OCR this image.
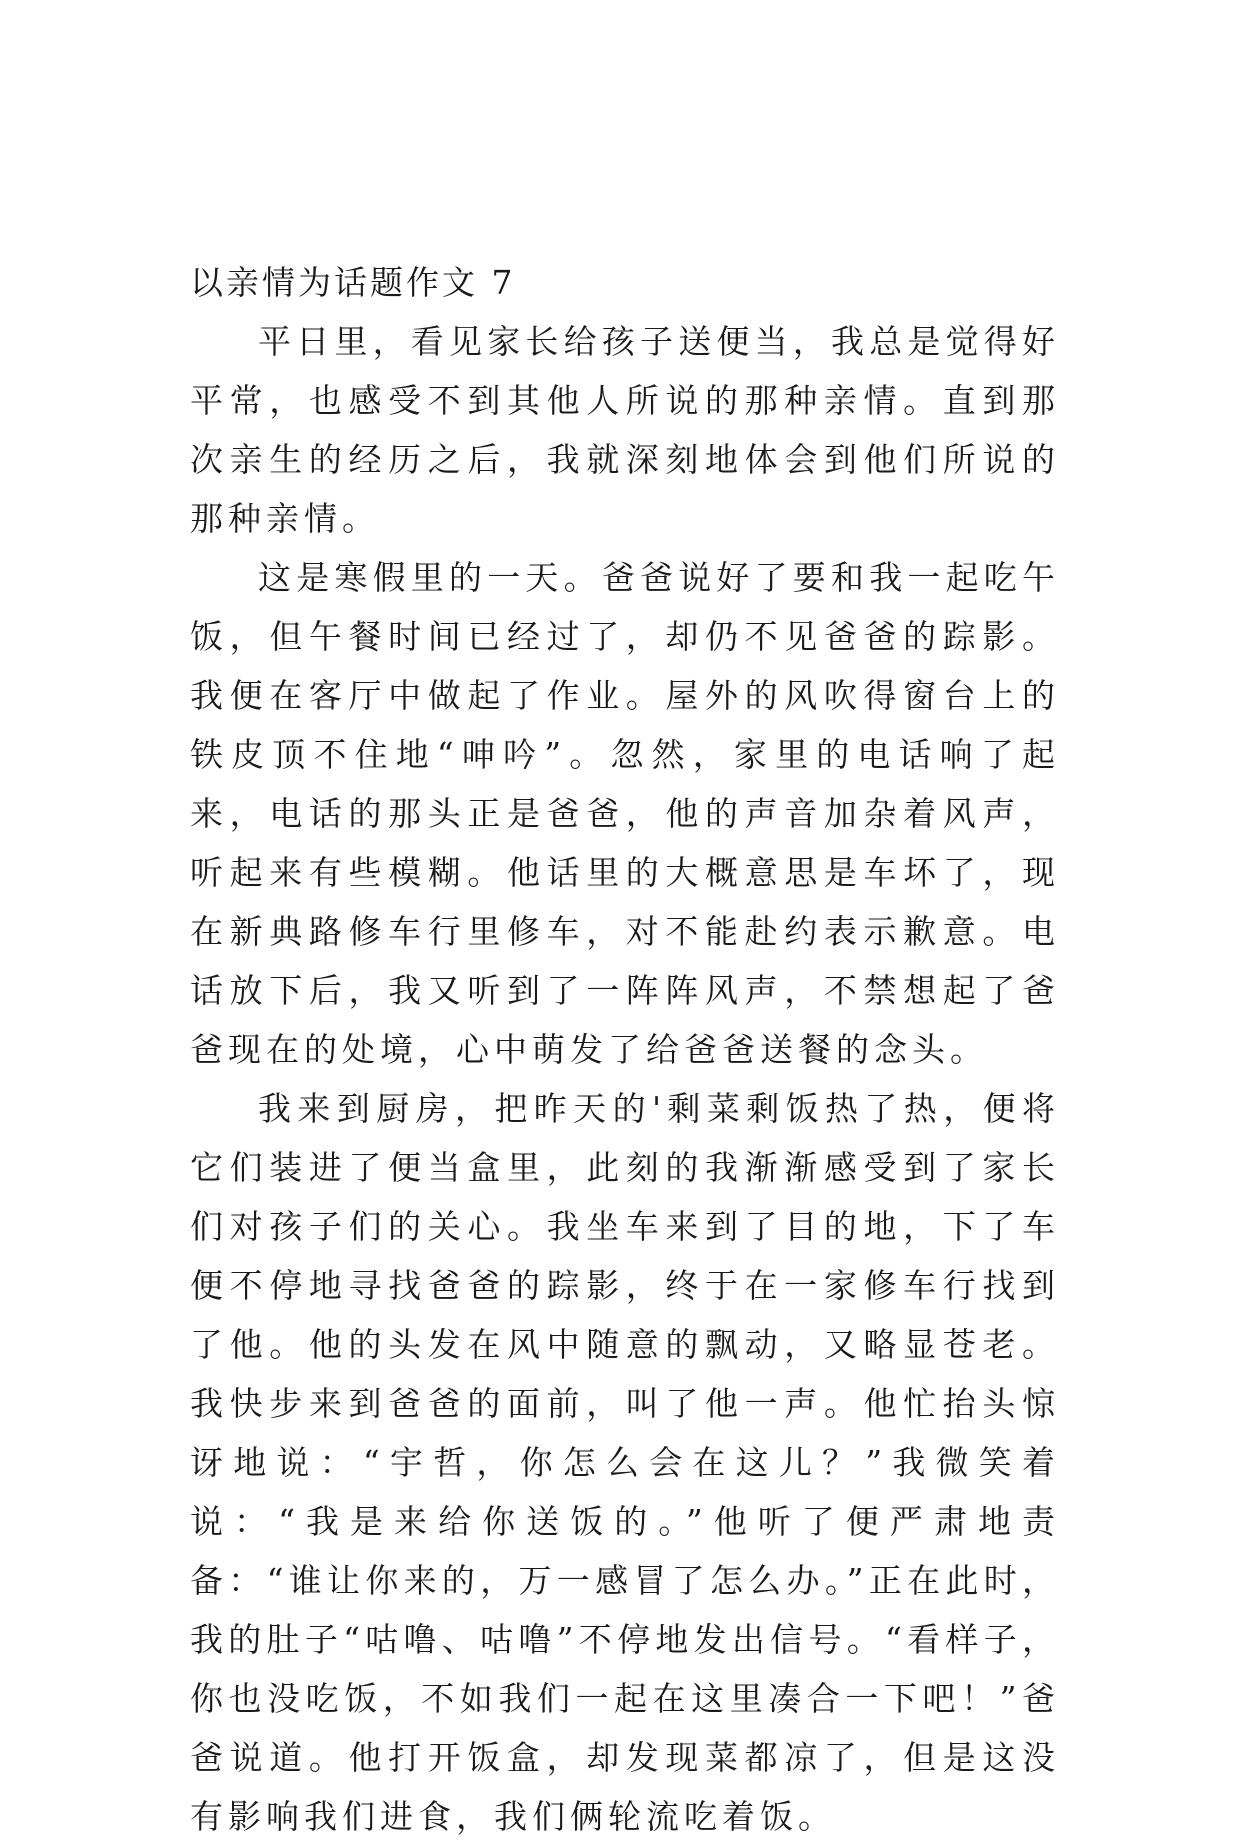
以亲情为话题作文 7

平日里，看见家长给孩子送便当，我总是觉得好平常，也感受不到其他人所说的那种亲情。直到那次亲生的经历之后，我就深刻地体会到他们所说的那种亲情。

这是寒假里的一天。爸爸说好了要和我一起吃午饭，但午餐时间已经过了，却仍不见爸爸的踪影。我便在客厅中做起了作业。屋外的风吹得窗台上的铁皮顶不住地“呻吟”。忽然，家里的电话响了起来，电话的那头正是爸爸，他的声音加杂着风声，听起来有些模糊。他话里的大概意思是车坏了，现在新典路修车行里修车，对不能赴约表示歉意。电话放下后，我又听到了一阵阵风声，不禁想起了爸爸现在的处境，心中萌发了给爸爸送餐的念头。

我来到厨房，把昨天的'剩菜剩饭热了热，便将它们装进了便当盒里，此刻的我渐渐感受到了家长们对孩子们的关心。我坐车来到了目的地，下了车便不停地寻找爸爸的踪影，终于在一家修车行找到了他。他的头发在风中随意的飘动，又略显苍老。我快步来到爸爸的面前，叫了他一声。他忙抬头惊讶地说：“宇哲，你怎么会在这儿？”我微笑着说：“我是来给你送饭的。”他听了便严肃地责备：“谁让你来的，万一感冒了怎么办。”正在此时，我的肚子“咕噜、咕噜”不停地发出信号。“看样子，你也没吃饭，不如我们一起在这里凑合一下吧！”爸爸说道。他打开饭盒，却发现菜都凉了，但是这没有影响我们进食，我们俩轮流吃着饭。
